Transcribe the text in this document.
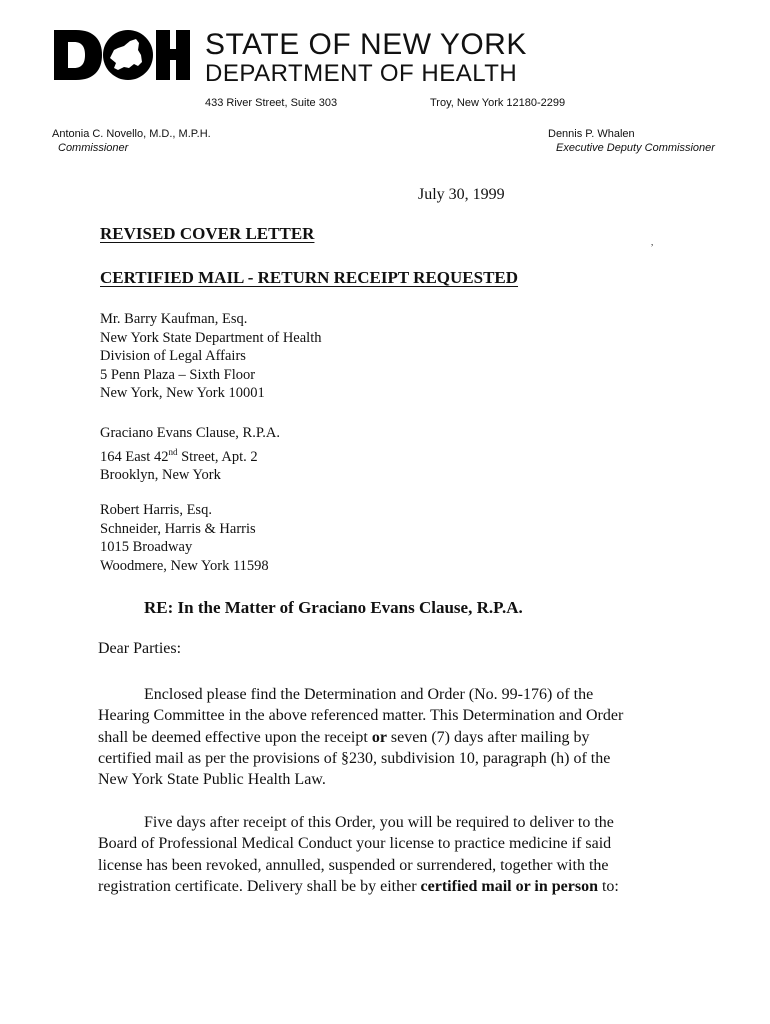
STATE OF NEW YORK
DEPARTMENT OF HEALTH
433 River Street, Suite 303	Troy, New York 12180-2299
Antonia C. Novello, M.D., M.P.H.
Commissioner
Dennis P. Whalen
Executive Deputy Commissioner
July 30, 1999
REVISED COVER LETTER	,
CERTIFIED MAIL - RETURN RECEIPT REQUESTED
Mr. Barry Kaufman, Esq.
New York State Department of Health
Division of Legal Affairs
5 Penn Plaza – Sixth Floor
New York, New York 10001
Graciano Evans Clause, R.P.A.
164 East 42nd Street, Apt. 2
Brooklyn, New York
Robert Harris, Esq.
Schneider, Harris & Harris
1015 Broadway
Woodmere, New York 11598
RE: In the Matter of Graciano Evans Clause, R.P.A.
Dear Parties:
Enclosed please find the Determination and Order (No. 99-176) of the
Hearing Committee in the above referenced matter. This Determination and Order
shall be deemed effective upon the receipt or seven (7) days after mailing by
certified mail as per the provisions of §230, subdivision 10, paragraph (h) of the
New York State Public Health Law.
Five days after receipt of this Order, you will be required to deliver to the
Board of Professional Medical Conduct your license to practice medicine if said
license has been revoked, annulled, suspended or surrendered, together with the
registration certificate. Delivery shall be by either certified mail or in person to:
